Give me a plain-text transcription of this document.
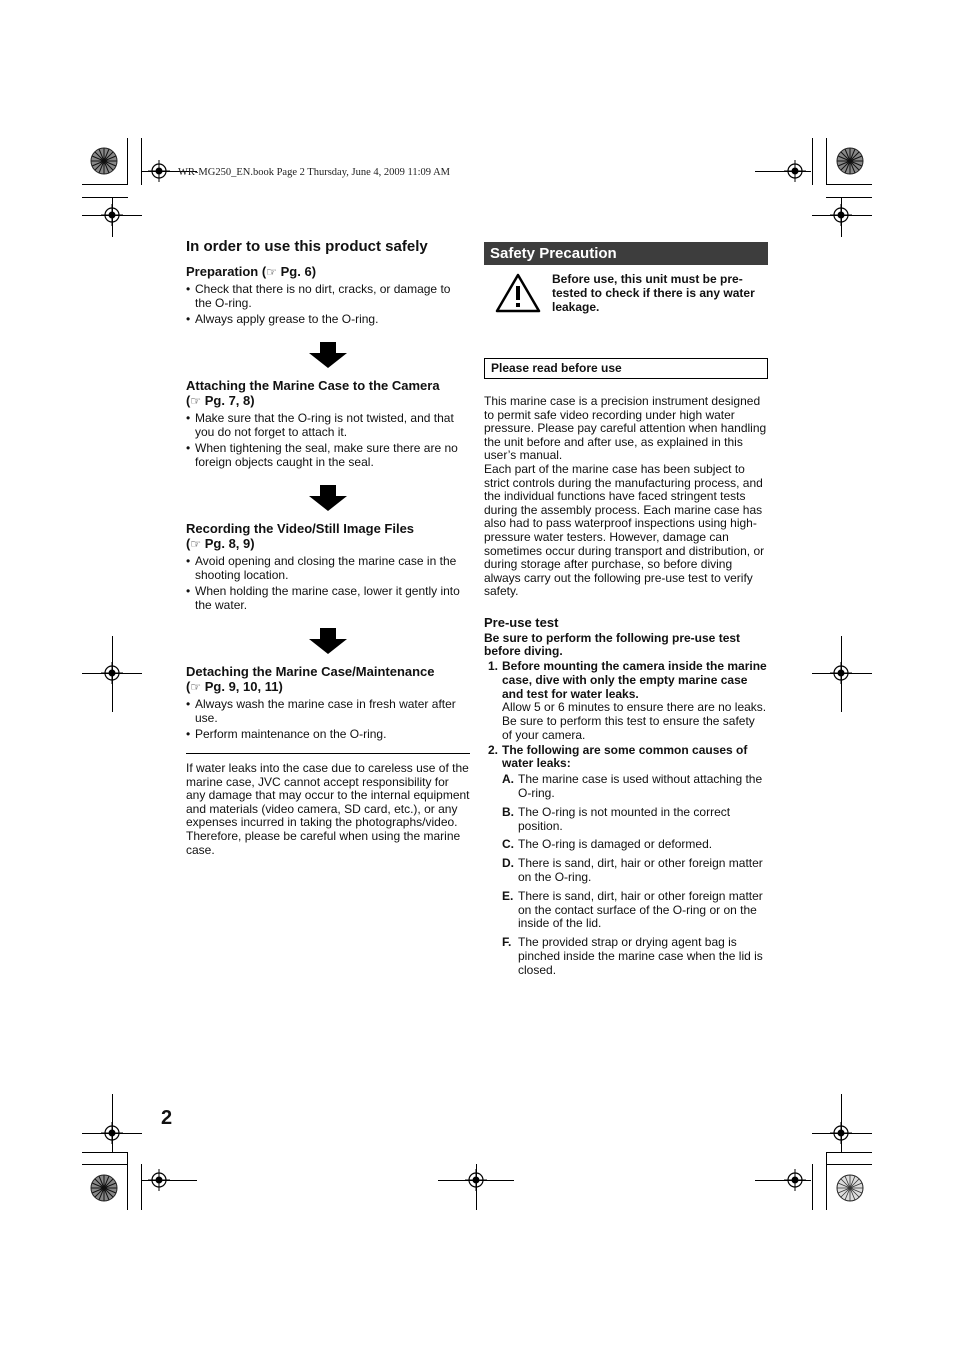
WR-MG250_EN.book Page 2 Thursday, June 4, 2009 11:09 AM
In order to use this product safely
Preparation (☞ Pg. 6)
• Check that there is no dirt, cracks, or damage to the O-ring.
• Always apply grease to the O-ring.
Attaching the Marine Case to the Camera
(☞ Pg. 7, 8)
• Make sure that the O-ring is not twisted, and that you do not forget to attach it.
• When tightening the seal, make sure there are no foreign objects caught in the seal.
Recording the Video/Still Image Files
(☞ Pg. 8, 9)
• Avoid opening and closing the marine case in the shooting location.
• When holding the marine case, lower it gently into the water.
Detaching the Marine Case/Maintenance
(☞ Pg. 9, 10, 11)
• Always wash the marine case in fresh water after use.
• Perform maintenance on the O-ring.

If water leaks into the case due to careless use of the marine case, JVC cannot accept responsibility for any damage that may occur to the internal equipment and materials (video camera, SD card, etc.), or any expenses incurred in taking the photographs/video. Therefore, please be careful when using the marine case.

Safety Precaution
Before use, this unit must be pre-tested to check if there is any water leakage.
Please read before use

This marine case is a precision instrument designed to permit safe video recording under high water pressure. Please pay careful attention when handling the unit before and after use, as explained in this user’s manual.

Each part of the marine case has been subject to strict controls during the manufacturing process, and the individual functions have faced stringent tests during the assembly process. Each marine case has also had to pass waterproof inspections using high-pressure water testers. However, damage can sometimes occur during transport and distribution, or during storage after purchase, so before diving always carry out the following pre-use test to verify safety.

Pre-use test

Be sure to perform the following pre-use test before diving.

1. Before mounting the camera inside the marine case, dive with only the empty marine case and test for water leaks.
Allow 5 or 6 minutes to ensure there are no leaks.
Be sure to perform this test to ensure the safety of your camera.
2. The following are some common causes of water leaks:
A. The marine case is used without attaching the O-ring.
B. The O-ring is not mounted in the correct position.
C. The O-ring is damaged or deformed.
D. There is sand, dirt, hair or other foreign matter on the O-ring.
E. There is sand, dirt, hair or other foreign matter on the contact surface of the O-ring or on the inside of the lid.
F. The provided strap or drying agent bag is pinched inside the marine case when the lid is closed.
2
